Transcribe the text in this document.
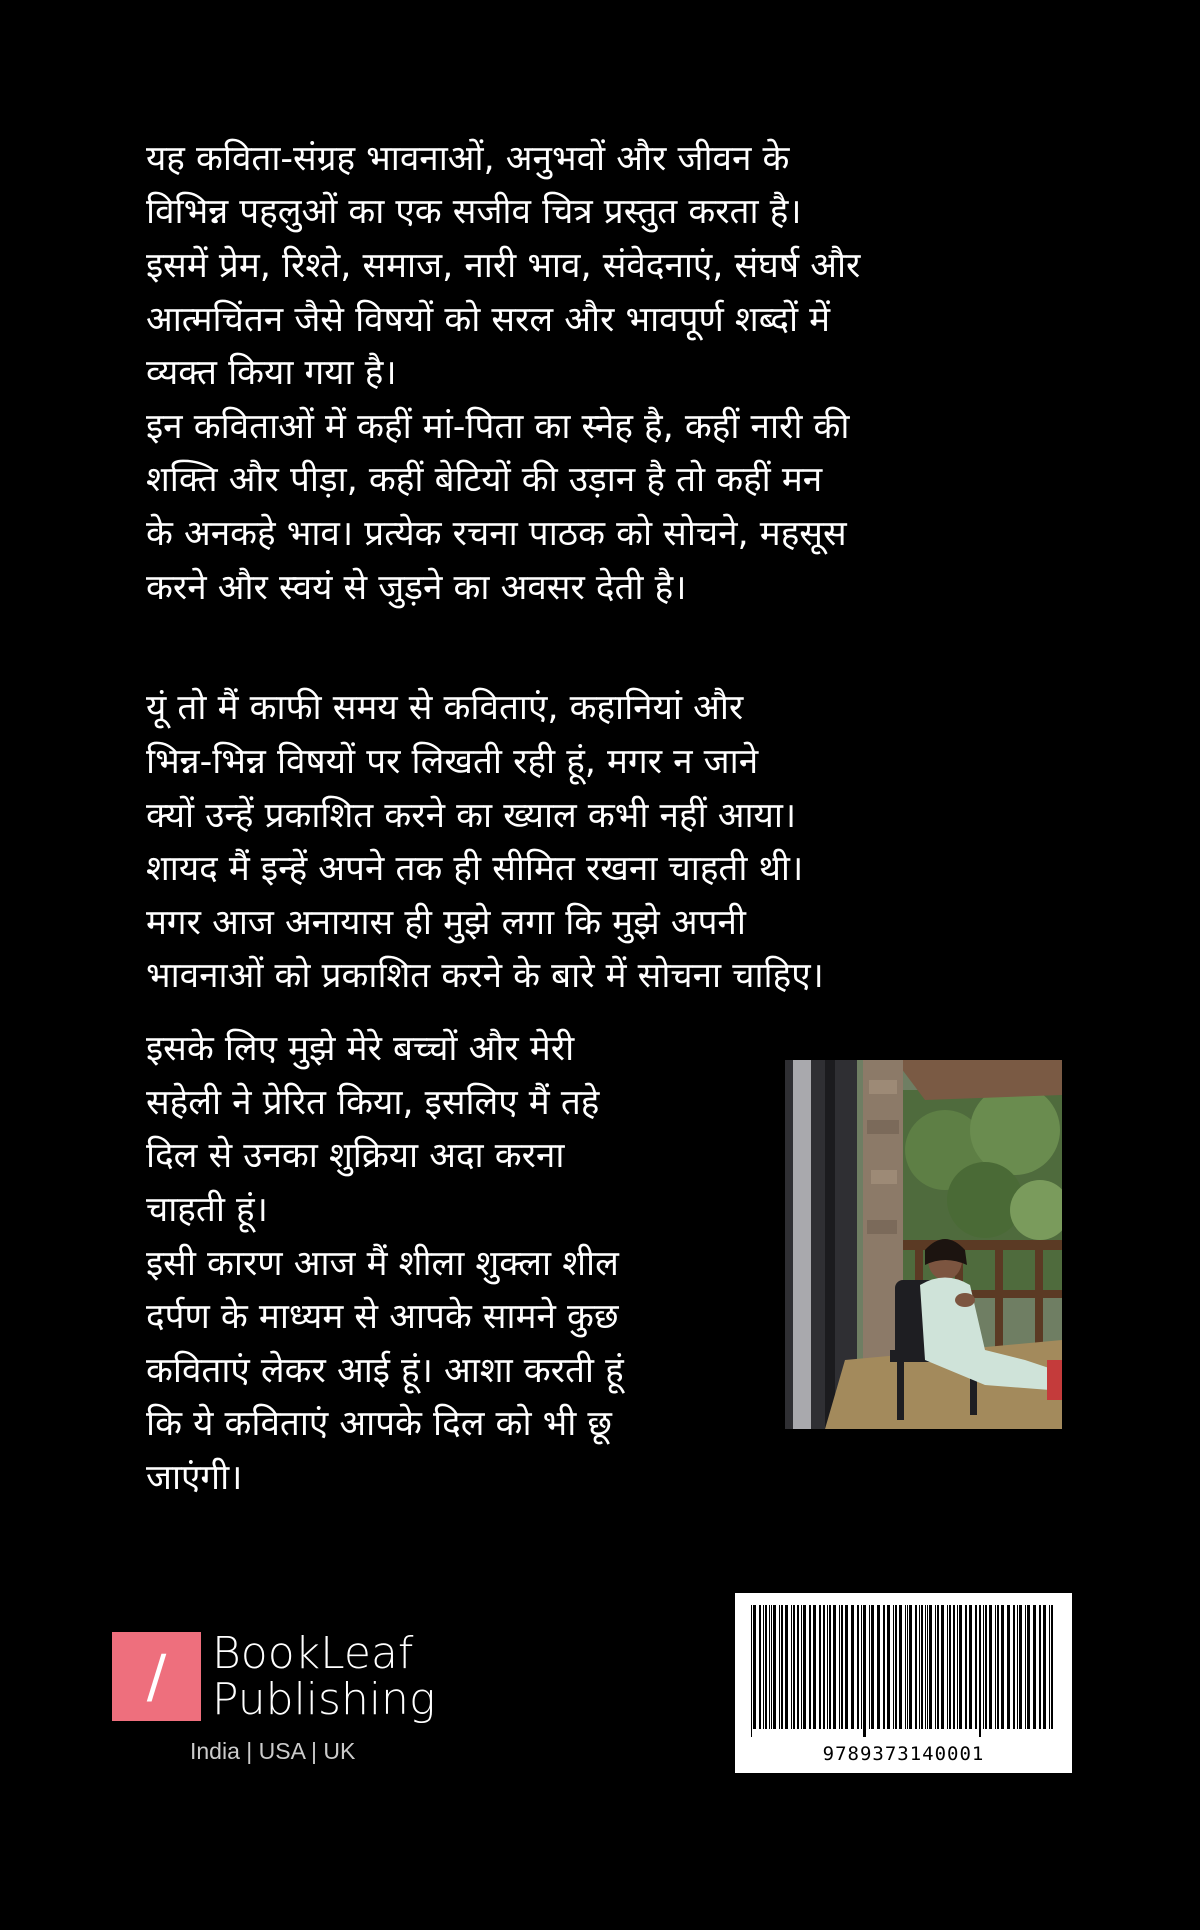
यह कविता-संग्रह भावनाओं, अनुभवों और जीवन के
विभिन्न पहलुओं का एक सजीव चित्र प्रस्तुत करता है।
इसमें प्रेम, रिश्ते, समाज, नारी भाव, संवेदनाएं, संघर्ष और
आत्मचिंतन जैसे विषयों को सरल और भावपूर्ण शब्दों में
व्यक्त किया गया है।
इन कविताओं में कहीं मां-पिता का स्नेह है, कहीं नारी की
शक्ति और पीड़ा, कहीं बेटियों की उड़ान है तो कहीं मन
के अनकहे भाव। प्रत्येक रचना पाठक को सोचने, महसूस
करने और स्वयं से जुड़ने का अवसर देती है।
यूं तो मैं काफी समय से कविताएं, कहानियां और
भिन्न-भिन्न विषयों पर लिखती रही हूं, मगर न जाने
क्यों उन्हें प्रकाशित करने का ख्याल कभी नहीं आया।
शायद मैं इन्हें अपने तक ही सीमित रखना चाहती थी।
मगर आज अनायास ही मुझे लगा कि मुझे अपनी
भावनाओं को प्रकाशित करने के बारे में सोचना चाहिए।
इसके लिए मुझे मेरे बच्चों और मेरी
सहेली ने प्रेरित किया, इसलिए मैं तहे
दिल से उनका शुक्रिया अदा करना
चाहती हूं।
इसी कारण आज मैं शीला शुक्ला शील
दर्पण के माध्यम से आपके सामने कुछ
कविताएं लेकर आई हूं। आशा करती हूं
कि ये कविताएं आपके दिल को भी छू
जाएंगी।
/	BookLeaf
Publishing
India | USA | UK	9789373140001
